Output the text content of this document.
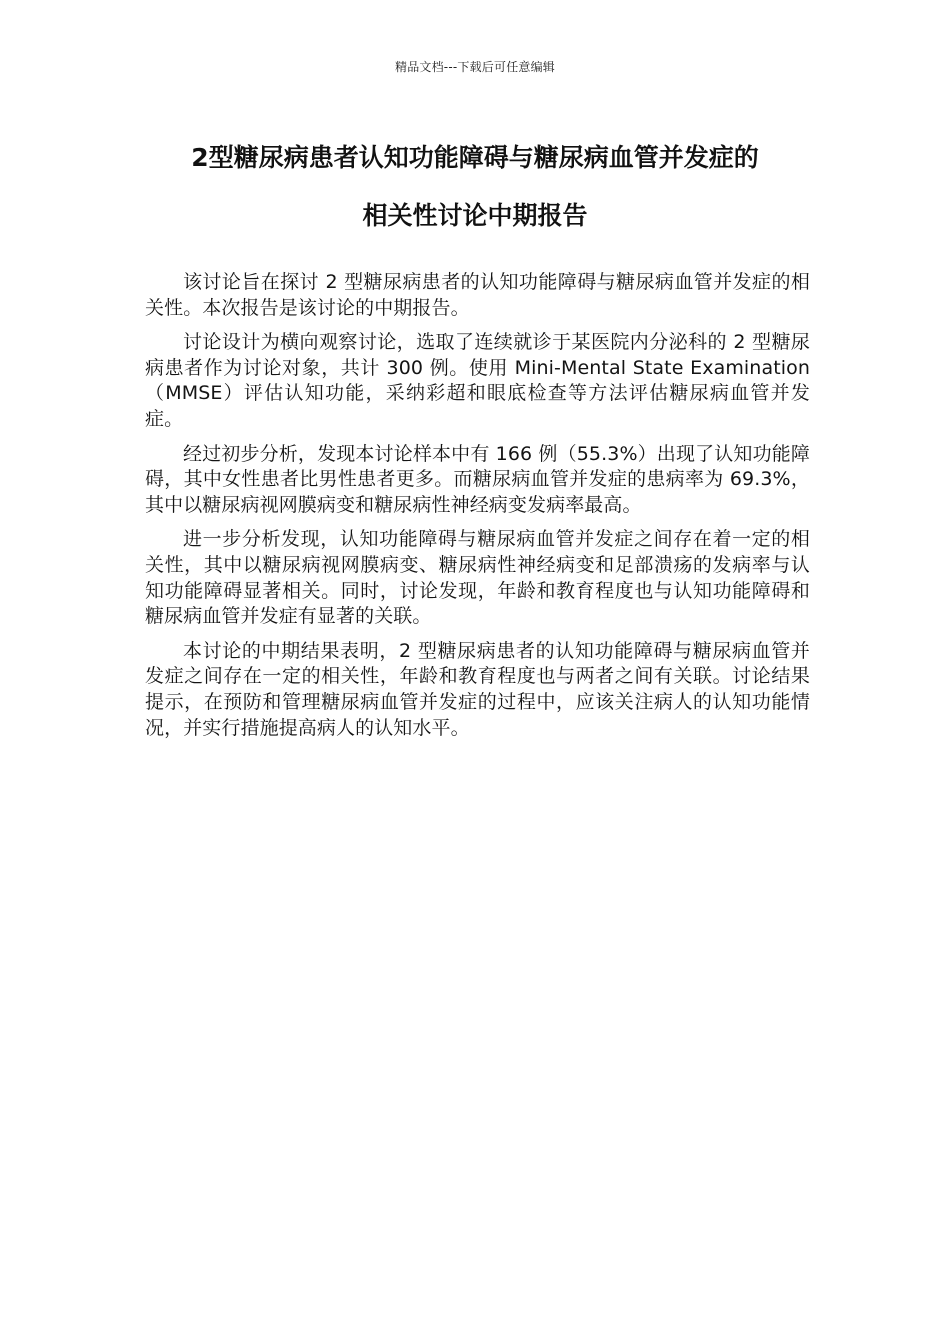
精品文档---下载后可任意编辑
2型糖尿病患者认知功能障碍与糖尿病血管并发症的
相关性讨论中期报告

该讨论旨在探讨 2 型糖尿病患者的认知功能障碍与糖尿病血管并发症的相关性。本次报告是该讨论的中期报告。

讨论设计为横向观察讨论，选取了连续就诊于某医院内分泌科的 2 型糖尿病患者作为讨论对象，共计 300 例。使用 Mini-Mental State Examination（MMSE）评估认知功能，采纳彩超和眼底检查等方法评估糖尿病血管并发症。

经过初步分析，发现本讨论样本中有 166 例（55.3%）出现了认知功能障碍，其中女性患者比男性患者更多。而糖尿病血管并发症的患病率为 69.3%，其中以糖尿病视网膜病变和糖尿病性神经病变发病率最高。

进一步分析发现，认知功能障碍与糖尿病血管并发症之间存在着一定的相关性，其中以糖尿病视网膜病变、糖尿病性神经病变和足部溃疡的发病率与认知功能障碍显著相关。同时，讨论发现，年龄和教育程度也与认知功能障碍和糖尿病血管并发症有显著的关联。

本讨论的中期结果表明，2 型糖尿病患者的认知功能障碍与糖尿病血管并发症之间存在一定的相关性，年龄和教育程度也与两者之间有关联。讨论结果提示，在预防和管理糖尿病血管并发症的过程中，应该关注病人的认知功能情况，并实行措施提高病人的认知水平。
